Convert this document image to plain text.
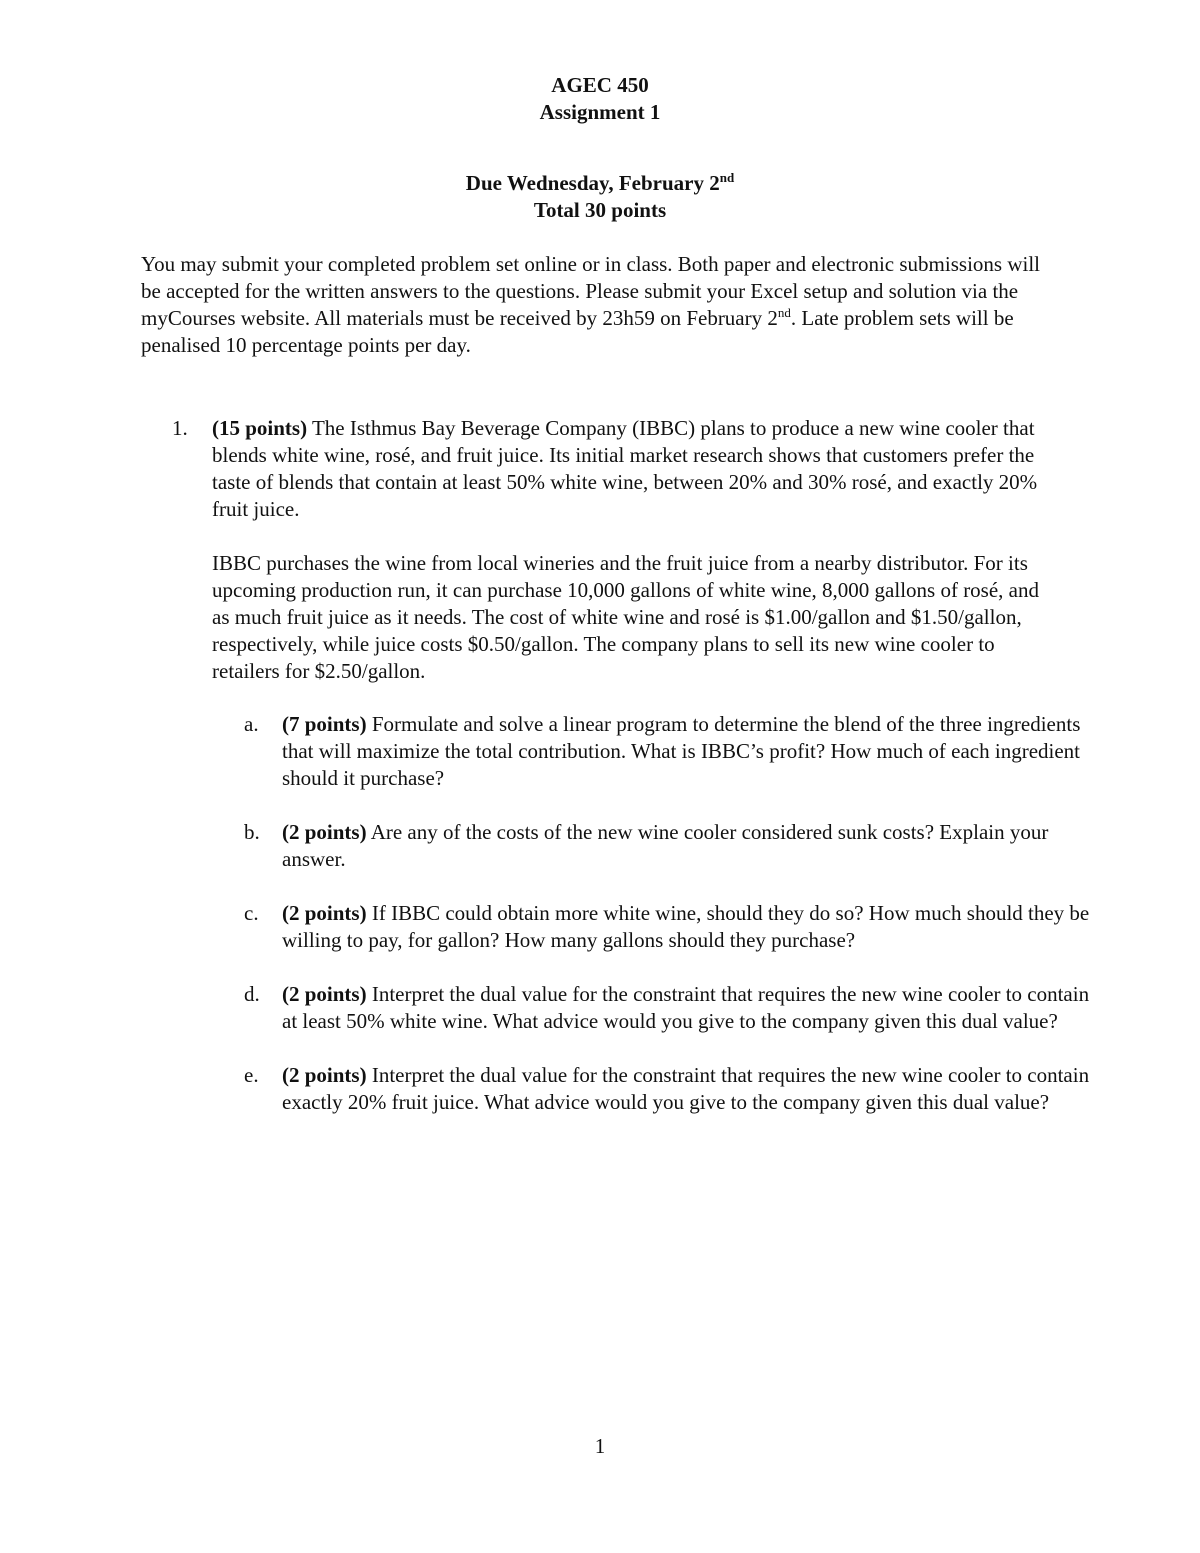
AGEC 450
Assignment 1
Due Wednesday, February 2nd
Total 30 points

You may submit your completed problem set online or in class. Both paper and electronic submissions will be accepted for the written answers to the questions. Please submit your Excel setup and solution via the myCourses website. All materials must be received by 23h59 on February 2nd. Late problem sets will be penalised 10 percentage points per day.

1. (15 points) The Isthmus Bay Beverage Company (IBBC) plans to produce a new wine cooler that blends white wine, rosé, and fruit juice. Its initial market research shows that customers prefer the taste of blends that contain at least 50% white wine, between 20% and 30% rosé, and exactly 20% fruit juice.

IBBC purchases the wine from local wineries and the fruit juice from a nearby distributor. For its upcoming production run, it can purchase 10,000 gallons of white wine, 8,000 gallons of rosé, and as much fruit juice as it needs. The cost of white wine and rosé is $1.00/gallon and $1.50/gallon, respectively, while juice costs $0.50/gallon. The company plans to sell its new wine cooler to retailers for $2.50/gallon.

a. (7 points) Formulate and solve a linear program to determine the blend of the three ingredients that will maximize the total contribution. What is IBBC’s profit? How much of each ingredient should it purchase?

b. (2 points) Are any of the costs of the new wine cooler considered sunk costs? Explain your answer.

c. (2 points) If IBBC could obtain more white wine, should they do so? How much should they be willing to pay, for gallon? How many gallons should they purchase?

d. (2 points) Interpret the dual value for the constraint that requires the new wine cooler to contain at least 50% white wine. What advice would you give to the company given this dual value?

e. (2 points) Interpret the dual value for the constraint that requires the new wine cooler to contain exactly 20% fruit juice. What advice would you give to the company given this dual value?

1
